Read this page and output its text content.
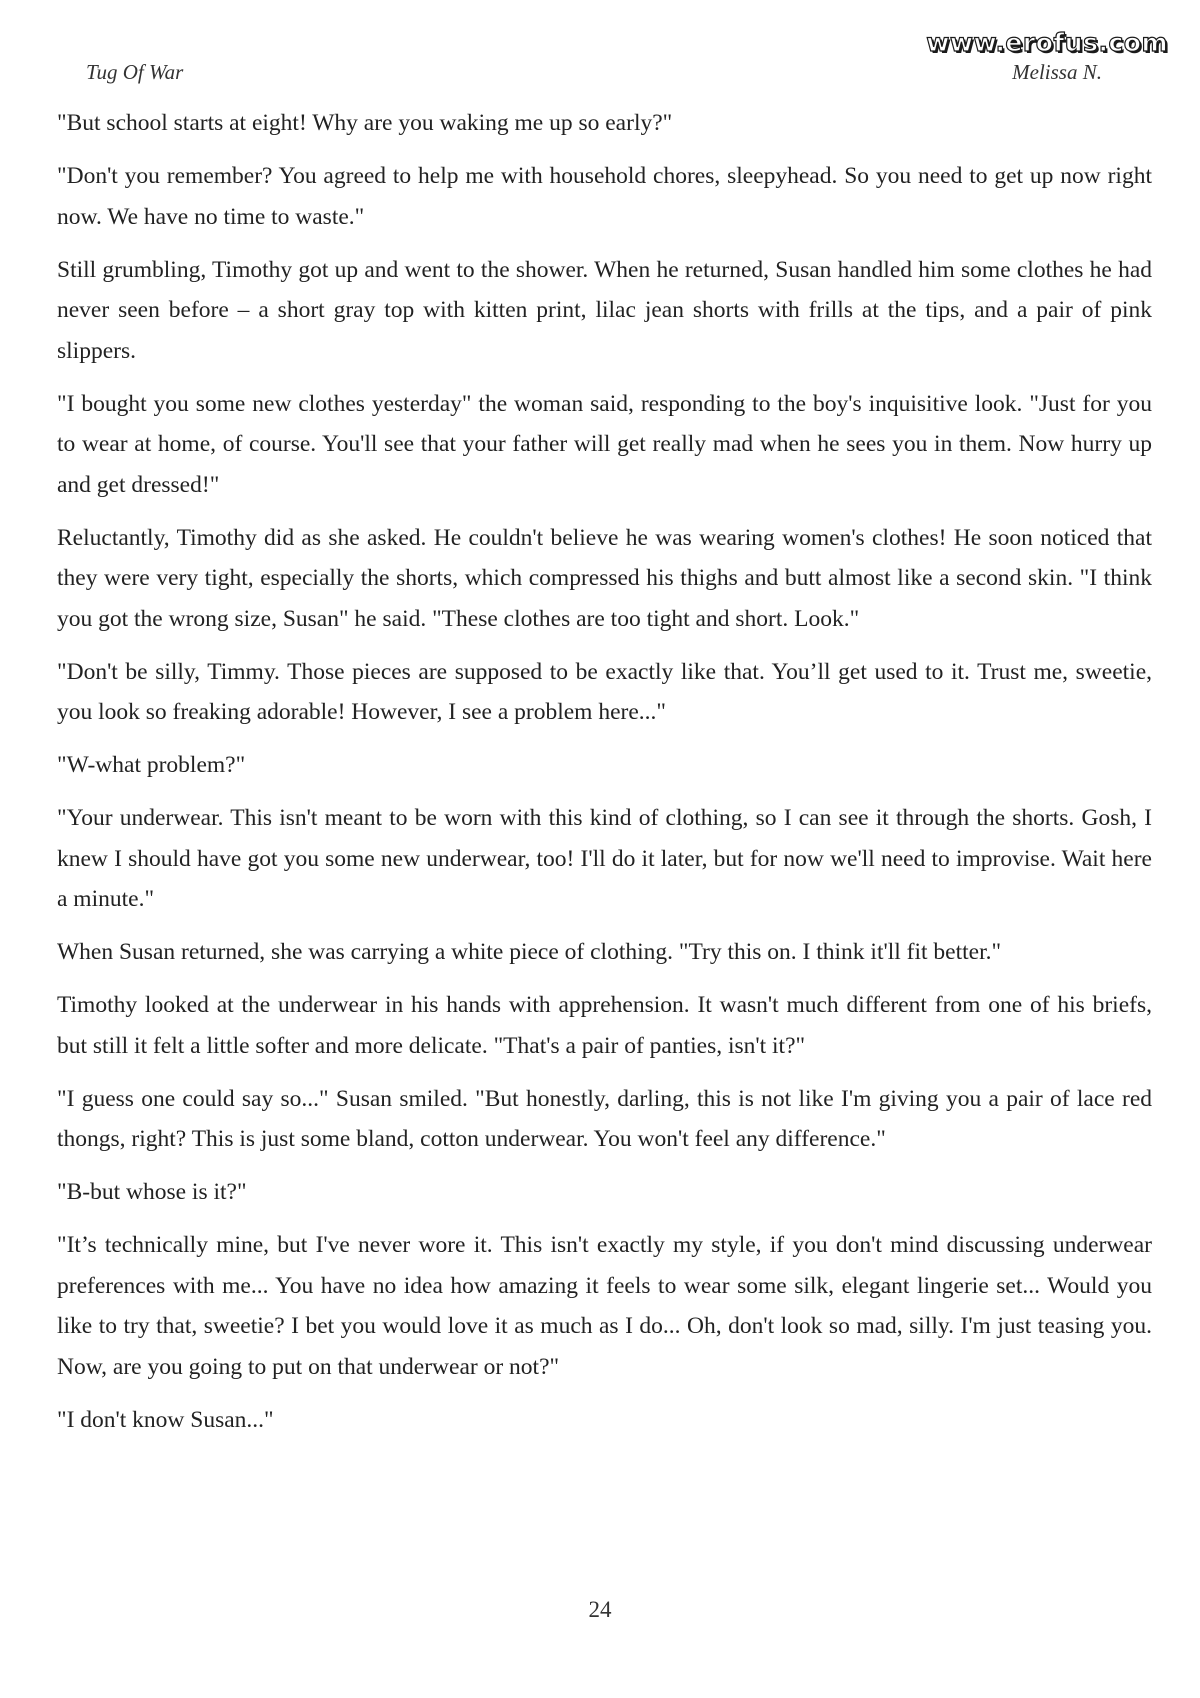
www.erofus.com
Tug Of War	Melissa N.

"But school starts at eight! Why are you waking me up so early?"

"Don't you remember? You agreed to help me with household chores, sleepyhead. So you need to get up now right now. We have no time to waste."

Still grumbling, Timothy got up and went to the shower. When he returned, Susan handled him some clothes he had never seen before – a short gray top with kitten print, lilac jean shorts with frills at the tips, and a pair of pink slippers.

"I bought you some new clothes yesterday" the woman said, responding to the boy's inquisitive look. "Just for you to wear at home, of course. You'll see that your father will get really mad when he sees you in them. Now hurry up and get dressed!"

Reluctantly, Timothy did as she asked. He couldn't believe he was wearing women's clothes! He soon noticed that they were very tight, especially the shorts, which compressed his thighs and butt almost like a second skin. "I think you got the wrong size, Susan" he said. "These clothes are too tight and short. Look."

"Don't be silly, Timmy. Those pieces are supposed to be exactly like that. You’ll get used to it. Trust me, sweetie, you look so freaking adorable! However, I see a problem here..."

"W-what problem?"

"Your underwear. This isn't meant to be worn with this kind of clothing, so I can see it through the shorts. Gosh, I knew I should have got you some new underwear, too! I'll do it later, but for now we'll need to improvise. Wait here a minute."

When Susan returned, she was carrying a white piece of clothing. "Try this on. I think it'll fit better."

Timothy looked at the underwear in his hands with apprehension. It wasn't much different from one of his briefs, but still it felt a little softer and more delicate. "That's a pair of panties, isn't it?"

"I guess one could say so..." Susan smiled. "But honestly, darling, this is not like I'm giving you a pair of lace red thongs, right? This is just some bland, cotton underwear. You won't feel any difference."

"B-but whose is it?"

"It’s technically mine, but I've never wore it. This isn't exactly my style, if you don't mind discussing underwear preferences with me... You have no idea how amazing it feels to wear some silk, elegant lingerie set... Would you like to try that, sweetie? I bet you would love it as much as I do... Oh, don't look so mad, silly. I'm just teasing you. Now, are you going to put on that underwear or not?"

"I don't know Susan..."

24
